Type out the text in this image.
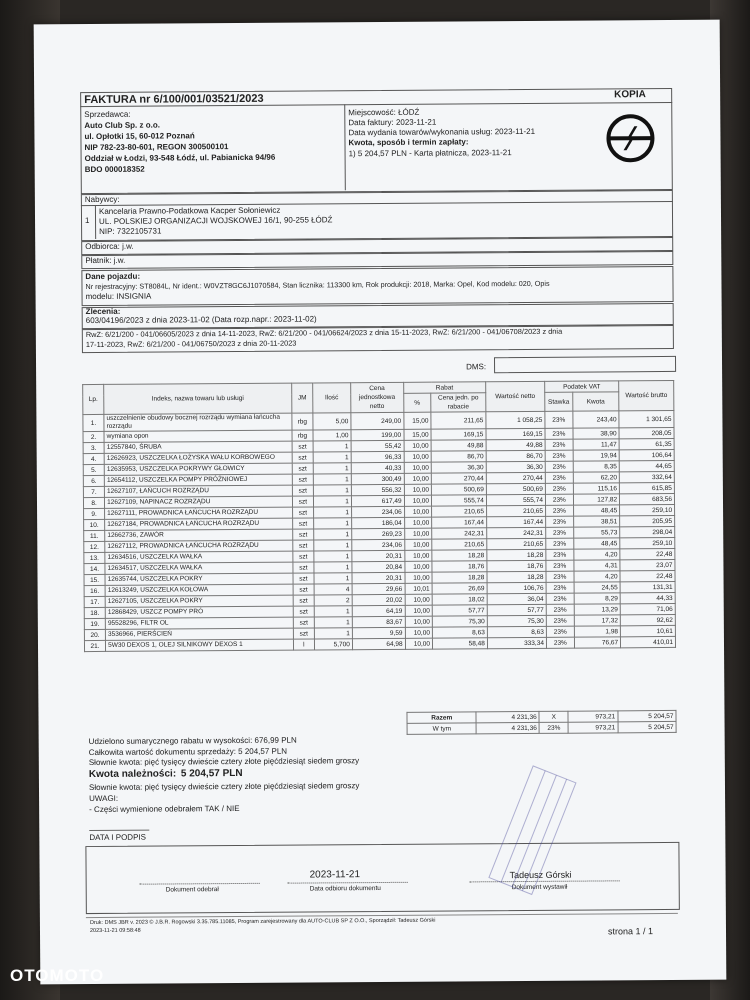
FAKTURA nr 6/100/001/03521/2023	KOPIA
Sprzedawca:
Auto Club Sp. z o.o.
ul. Opłotki 15, 60-012 Poznań
NIP 782-23-80-601, REGON 300500101
Oddział w Łodzi, 93-548 Łódź, ul. Pabianicka 94/96
BDO 000018352
Miejscowość: ŁÓDŹ
Data faktury: 2023-11-21
Data wydania towarów/wykonania usług: 2023-11-21
Kwota, sposób i termin zapłaty:
1) 5 204,57 PLN - Karta płatnicza, 2023-11-21
Nabywcy:
1
Kancelaria Prawno-Podatkowa Kacper Sołoniewicz
UL. POLSKIEJ ORGANIZACJI WOJSKOWEJ 16/1, 90-255 ŁÓDŹ
NIP: 7322105731
Odbiorca: j.w.
Płatnik: j.w.
Dane pojazdu:
Nr rejestracyjny: ST8084L, Nr ident.: W0VZT8GC6J1070584, Stan licznika: 113300 km, Rok produkcji: 2018, Marka: Opel, Kod modelu: 020, Opis
modelu: INSIGNIA
Zlecenia:
603/04196/2023 z dnia 2023-11-02 (Data rozp.napr.: 2023-11-02)
RwZ: 6/21/200 - 041/06605/2023 z dnia 14-11-2023, RwZ: 6/21/200 - 041/06624/2023 z dnia 15-11-2023, RwZ: 6/21/200 - 041/06708/2023 z dnia
17-11-2023, RwZ: 6/21/200 - 041/06750/2023 z dnia 20-11-2023
DMS:
Lp.	Indeks, nazwa towaru lub usługi	JM	Ilość	Cena jednostkowa netto	Rabat		Wartość netto	Podatek VAT		Wartość brutto
					%	Cena jedn. po rabacie		Stawka	Kwota	
1.	uszczelnienie obudowy bocznej rozrządu wymiana łańcucha rozrządu	rbg	5,00	249,00	15,00	211,65	1 058,25	23%	243,40	1 301,65
2.	wymiana opon	rbg	1,00	199,00	15,00	169,15	169,15	23%	38,90	208,05
3.	12557840, ŚRUBA	szt	1	55,42	10,00	49,88	49,88	23%	11,47	61,35
4.	12626923, USZCZELKA ŁOŻYSKA WAŁU KORBOWEGO	szt	1	96,33	10,00	86,70	86,70	23%	19,94	106,64
5.	12635953, USZCZELKA POKRYWY GŁOWICY	szt	1	40,33	10,00	36,30	36,30	23%	8,35	44,65
6.	12654112, USZCZELKA POMPY PRÓŻNIOWEJ	szt	1	300,49	10,00	270,44	270,44	23%	62,20	332,64
7.	12627107, ŁAŃCUCH ROZRZĄDU	szt	1	556,32	10,00	500,69	500,69	23%	115,16	615,85
8.	12627109, NAPINACZ ROZRZĄDU	szt	1	617,49	10,00	555,74	555,74	23%	127,82	683,56
9.	12627111, PROWADNICA ŁAŃCUCHA ROZRZĄDU	szt	1	234,06	10,00	210,65	210,65	23%	48,45	259,10
10.	12627184, PROWADNICA ŁAŃCUCHA ROZRZĄDU	szt	1	186,04	10,00	167,44	167,44	23%	38,51	205,95
11.	12662736, ZAWÓR	szt	1	269,23	10,00	242,31	242,31	23%	55,73	298,04
12.	12627112, PROWADNICA ŁAŃCUCHA ROZRZĄDU	szt	1	234,06	10,00	210,65	210,65	23%	48,45	259,10
13.	12634516, USZCZELKA WAŁKA	szt	1	20,31	10,00	18,28	18,28	23%	4,20	22,48
14.	12634517, USZCZELKA WAŁKA	szt	1	20,84	10,00	18,76	18,76	23%	4,31	23,07
15.	12635744, USZCZELKA POKRY	szt	1	20,31	10,00	18,28	18,28	23%	4,20	22,48
16.	12613249, USZCZELKA KOŁOWA	szt	4	29,66	10,01	26,69	106,76	23%	24,55	131,31
17.	12627105, USZCZELKA POKRY	szt	2	20,02	10,00	18,02	36,04	23%	8,29	44,33
18.	12868429, USZCZ POMPY PRÓ	szt	1	64,19	10,00	57,77	57,77	23%	13,29	71,06
19.	95528296, FILTR OL	szt	1	83,67	10,00	75,30	75,30	23%	17,32	92,62
20.	3536966, PIERŚCIEŃ	szt	1	9,59	10,00	8,63	8,63	23%	1,98	10,61
21.	5W30 DEXOS 1, OLEJ SILNIKOWY DEXOS 1	l	5,700	64,98	10,00	58,48	333,34	23%	76,67	410,01
Razem	4 231,36	X	973,21	5 204,57
W tym	4 231,36	23%	973,21	5 204,57
Udzielono sumarycznego rabatu w wysokości: 676,99 PLN
Całkowita wartość dokumentu sprzedaży: 5 204,57 PLN
Słownie kwota: pięć tysięcy dwieście cztery złote pięćdziesiąt siedem groszy
Kwota należności: 5 204,57 PLN
Słownie kwota: pięć tysięcy dwieście cztery złote pięćdziesiąt siedem groszy
UWAGI:
- Części wymienione odebrałem TAK / NIE
DATA I PODPIS
Dokument odebrał
2023-11-21
Data odbioru dokumentu
Tadeusz Górski
Dokument wystawił
Druk: DMS JBR v. 2023 © J.B.R. Rogowski 3.35.785.11085, Program zarejestrowany dla AUTO-CLUB SP Z O.O., Sporządził: Tadeusz Górski
2023-11-21 09:58:48	strona 1 / 1
OTOMOTO
